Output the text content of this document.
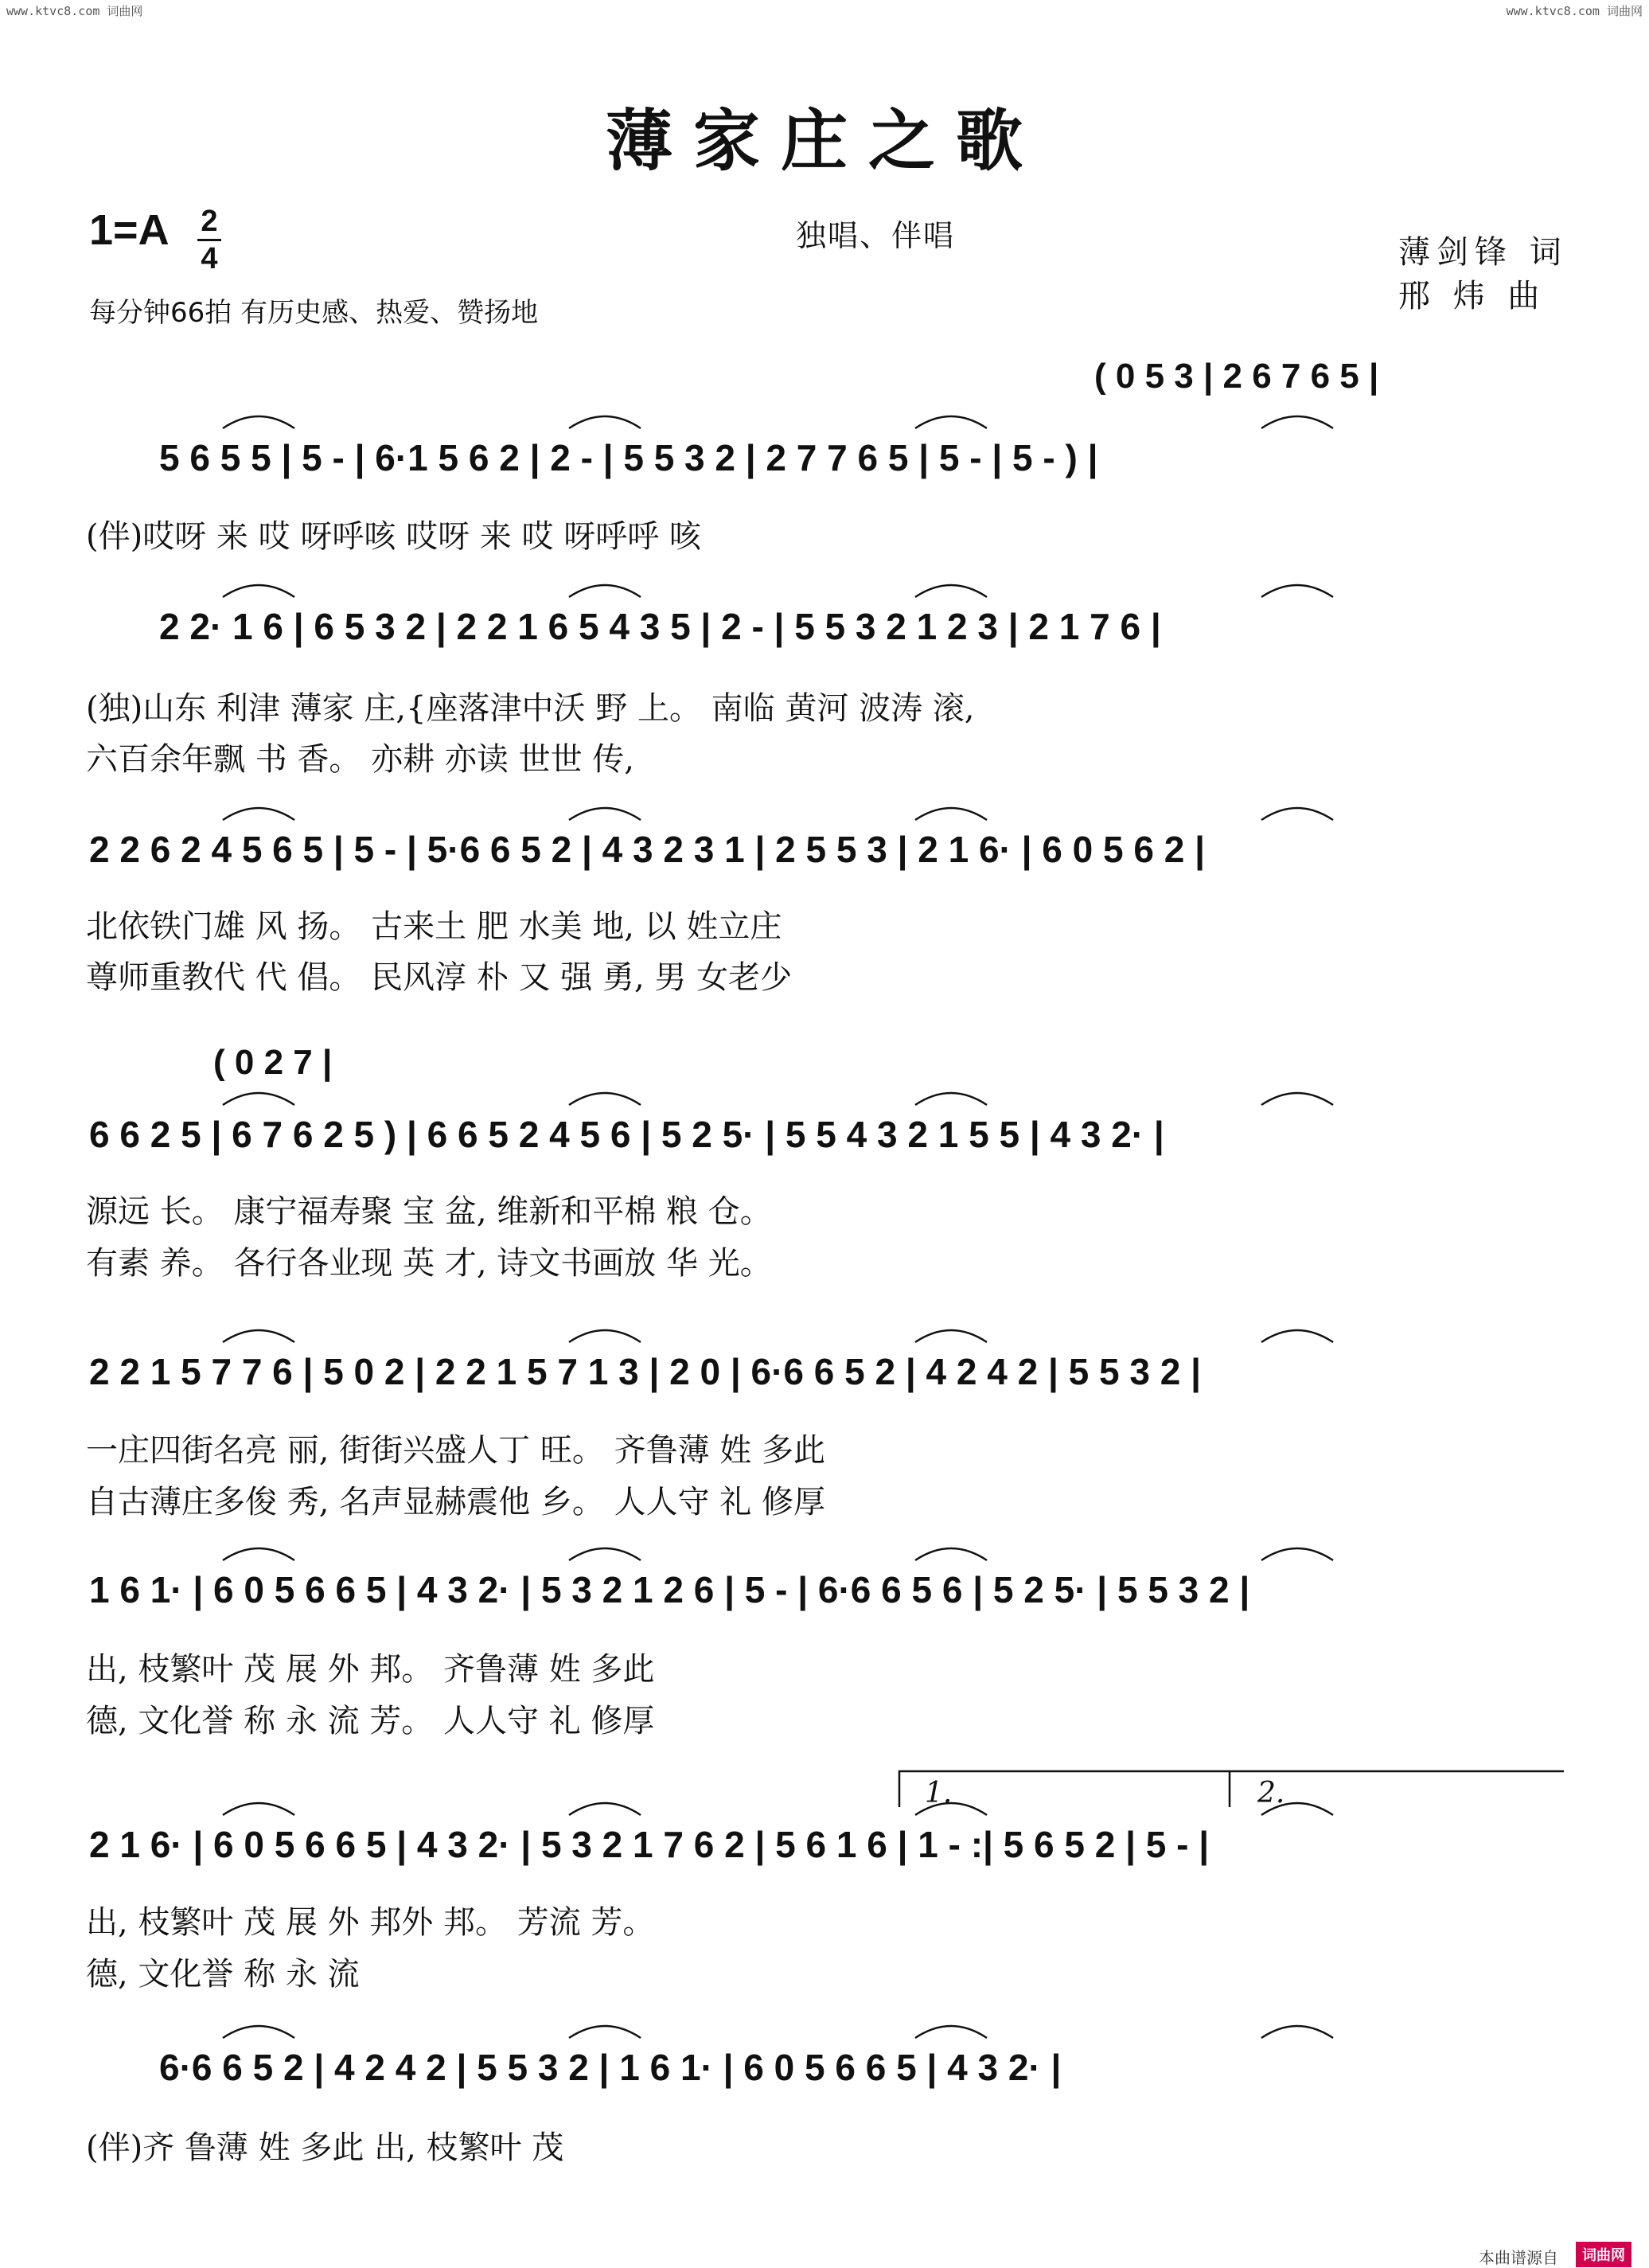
www.ktvc8.com 词曲网	www.ktvc8.com 词曲网
薄家庄之歌
1=A 2
4
独唱、伴唱
每分钟66拍 有历史感、热爱、赞扬地
薄剑锋 词
邢 炜 曲
( 0 5 3 | 2 6 7 6 5 |
5 6 5 5 | 5 - | 6·1 5 6 2 | 2 - | 5 5 3 2 | 2 7 7 6 5 | 5 - | 5 - ) |
(伴)哎呀 来 哎 呀呼咳 哎呀 来 哎 呀呼呼 咳
2 2· 1 6 | 6 5 3 2 | 2 2 1 6 5 4 3 5 | 2 - | 5 5 3 2 1 2 3 | 2 1 7 6 |
(独)山东 利津 薄家 庄,{座落津中沃 野 上。 南临 黄河 波涛 滚,
六百余年飘 书 香。 亦耕 亦读 世世 传,
2 2 6 2 4 5 6 5 | 5 - | 5·6 6 5 2 | 4 3 2 3 1 | 2 5 5 3 | 2 1 6· | 6 0 5 6 2 |
北依铁门雄 风 扬。 古来土 肥 水美 地, 以 姓立庄
尊师重教代 代 倡。 民风淳 朴 又 强 勇, 男 女老少
( 0 2 7 |
6 6 2 5 | 6 7 6 2 5 ) | 6 6 5 2 4 5 6 | 5 2 5· | 5 5 4 3 2 1 5 5 | 4 3 2· |
源远 长。 康宁福寿聚 宝 盆, 维新和平棉 粮 仓。
有素 养。 各行各业现 英 才, 诗文书画放 华 光。
2 2 1 5 7 7 6 | 5 0 2 | 2 2 1 5 7 1 3 | 2 0 | 6·6 6 5 2 | 4 2 4 2 | 5 5 3 2 |
一庄四街名亮 丽, 街街兴盛人丁 旺。 齐鲁薄 姓 多此
自古薄庄多俊 秀, 名声显赫震他 乡。 人人守 礼 修厚
1 6 1· | 6 0 5 6 6 5 | 4 3 2· | 5 3 2 1 2 6 | 5 - | 6·6 6 5 6 | 5 2 5· | 5 5 3 2 |
出, 枝繁叶 茂 展 外 邦。 齐鲁薄 姓 多此
德, 文化誉 称 永 流 芳。 人人守 礼 修厚
1.	2.
2 1 6· | 6 0 5 6 6 5 | 4 3 2· | 5 3 2 1 7 6 2 | 5 6 1 6 | 1 - :| 5 6 5 2 | 5 - |
出, 枝繁叶 茂 展 外 邦外 邦。 芳流 芳。
德, 文化誉 称 永 流
6·6 6 5 2 | 4 2 4 2 | 5 5 3 2 | 1 6 1· | 6 0 5 6 6 5 | 4 3 2· |
(伴)齐 鲁薄 姓 多此 出, 枝繁叶 茂
本曲谱源自	词曲网
